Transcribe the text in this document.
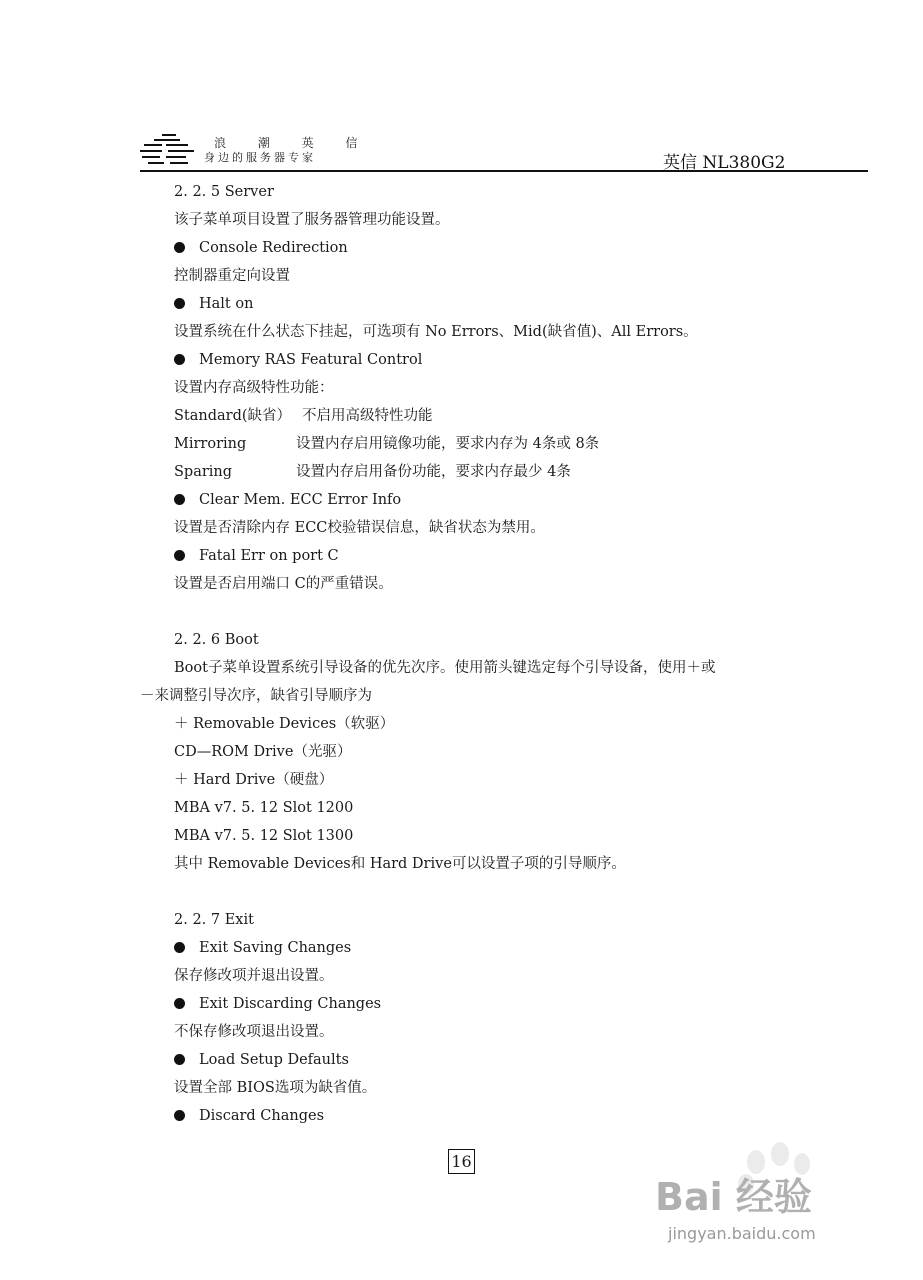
浪 潮 英 信
身边的服务器专家	英信 NL380G2
2. 2. 5 Server
该子菜单项目设置了服务器管理功能设置。
Console Redirection
控制器重定向设置
Halt on
设置系统在什么状态下挂起，可选项有 No Errors、Mid(缺省值)、All Errors。
Memory RAS Featural Control
设置内存高级特性功能：
Standard(缺省） 不启用高级特性功能
Mirroring	设置内存启用镜像功能，要求内存为 4条或 8条
Sparing	设置内存启用备份功能，要求内存最少 4条
Clear Mem. ECC Error Info
设置是否清除内存 ECC校验错误信息，缺省状态为禁用。
Fatal Err on port C
设置是否启用端口 C的严重错误。
2. 2. 6 Boot
Boot子菜单设置系统引导设备的优先次序。使用箭头键选定每个引导设备，使用＋或
－来调整引导次序，缺省引导顺序为
＋ Removable Devices（软驱）
CD—ROM Drive（光驱）
＋ Hard Drive（硬盘）
MBA v7. 5. 12 Slot 1200
MBA v7. 5. 12 Slot 1300
其中 Removable Devices和 Hard Drive可以设置子项的引导顺序。
2. 2. 7 Exit
Exit Saving Changes
保存修改项并退出设置。
Exit Discarding Changes
不保存修改项退出设置。
Load Setup Defaults
设置全部 BIOS选项为缺省值。
Discard Changes
16
Bai 经验
jingyan.baidu.com
